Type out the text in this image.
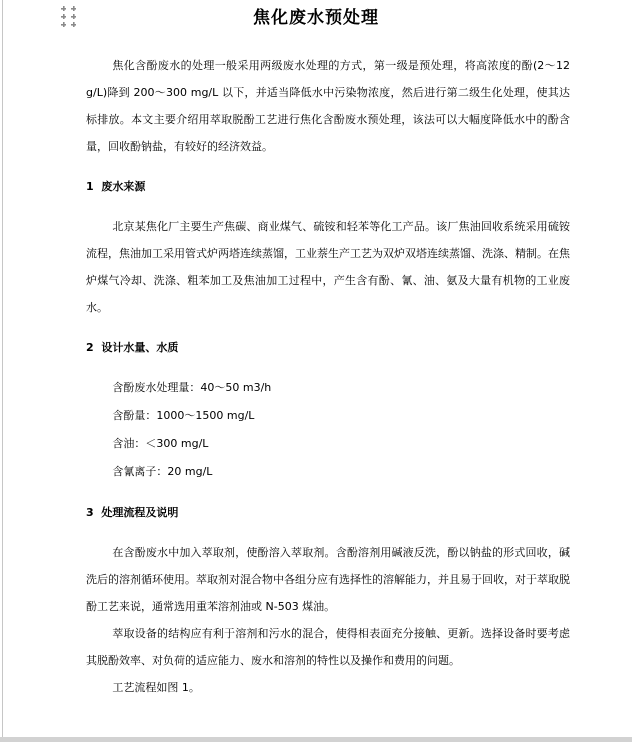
焦化废水预处理

焦化含酚废水的处理一般采用两级废水处理的方式，第一级是预处理，将高浓度的酚(2～12 g/L)降到 200～300 mg/L 以下，并适当降低水中污染物浓度，然后进行第二级生化处理，使其达标排放。本文主要介绍用萃取脱酚工艺进行焦化含酚废水预处理，该法可以大幅度降低水中的酚含量，回收酚钠盐，有较好的经济效益。

1  废水来源

北京某焦化厂主要生产焦碳、商业煤气、硫铵和轻苯等化工产品。该厂焦油回收系统采用硫铵流程，焦油加工采用管式炉两塔连续蒸馏，工业萘生产工艺为双炉双塔连续蒸馏、洗涤、精制。在焦炉煤气冷却、洗涤、粗苯加工及焦油加工过程中，产生含有酚、氰、油、氨及大量有机物的工业废水。

2  设计水量、水质

含酚废水处理量：40～50 m3/h

含酚量：1000～1500 mg/L

含油：＜300 mg/L

含氰离子：20 mg/L

3  处理流程及说明

在含酚废水中加入萃取剂，使酚溶入萃取剂。含酚溶剂用碱液反洗，酚以钠盐的形式回收，碱洗后的溶剂循环使用。萃取剂对混合物中各组分应有选择性的溶解能力，并且易于回收，对于萃取脱酚工艺来说，通常选用重苯溶剂油或 N-503 煤油。

萃取设备的结构应有利于溶剂和污水的混合，使得相表面充分接触、更新。选择设备时要考虑其脱酚效率、对负荷的适应能力、废水和溶剂的特性以及操作和费用的问题。

工艺流程如图 1。
